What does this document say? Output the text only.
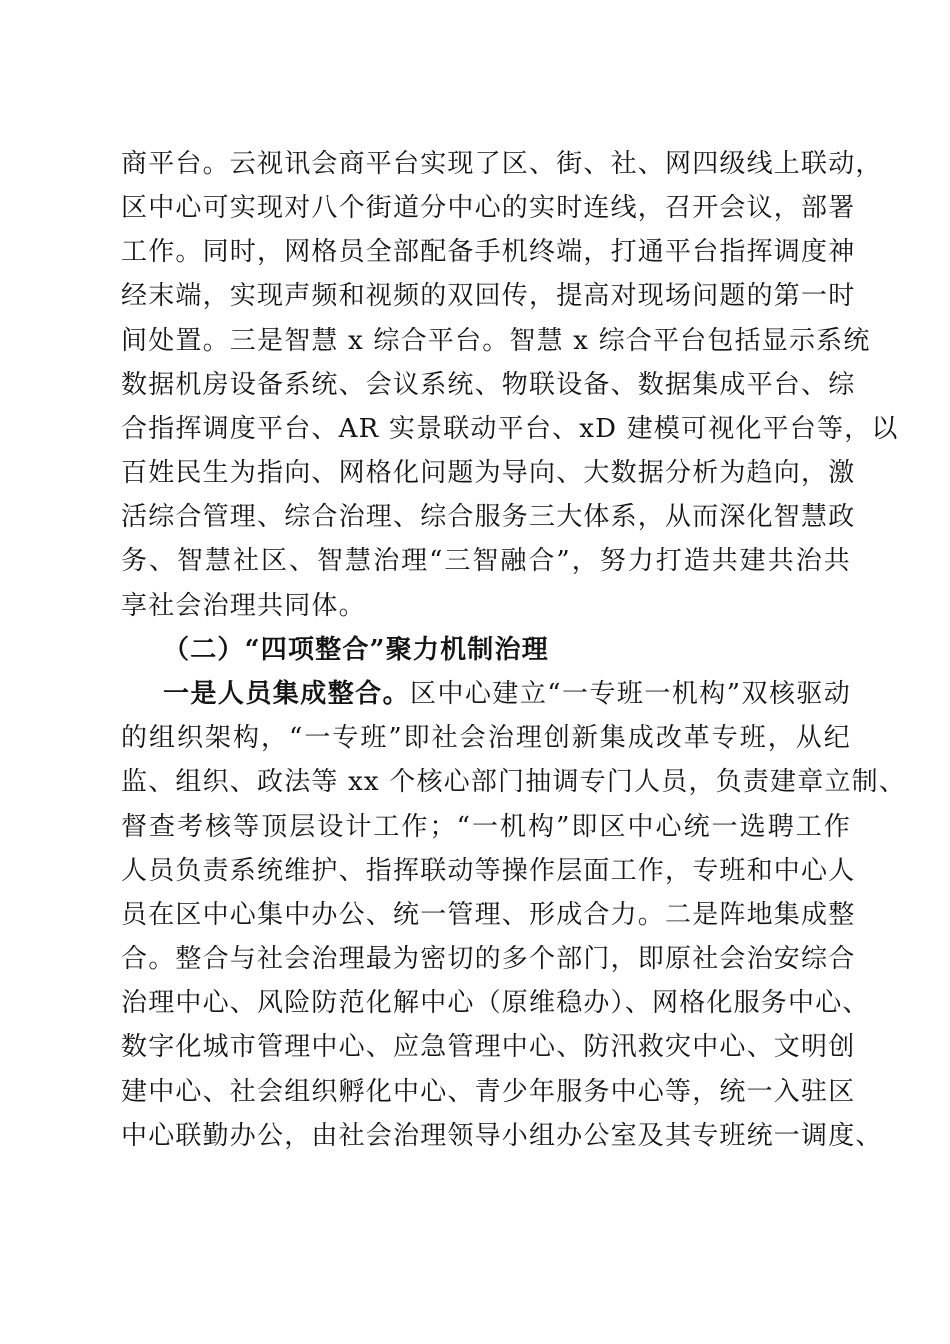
商平台。云视讯会商平台实现了区、街、社、网四级线上联动，
区中心可实现对八个街道分中心的实时连线，召开会议，部署
工作。同时，网格员全部配备手机终端，打通平台指挥调度神
经末端，实现声频和视频的双回传，提高对现场问题的第一时
间处置。三是智慧 x 综合平台。智慧 x 综合平台包括显示系统
数据机房设备系统、会议系统、物联设备、数据集成平台、综
合指挥调度平台、AR 实景联动平台、xD 建模可视化平台等，以
百姓民生为指向、网格化问题为导向、大数据分析为趋向，激
活综合管理、综合治理、综合服务三大体系，从而深化智慧政
务、智慧社区、智慧治理“三智融合”，努力打造共建共治共
享社会治理共同体。
（二）“四项整合”聚力机制治理
一是人员集成整合。区中心建立“一专班一机构”双核驱动
的组织架构，“一专班”即社会治理创新集成改革专班，从纪
监、组织、政法等 xx 个核心部门抽调专门人员，负责建章立制、
督查考核等顶层设计工作；“一机构”即区中心统一选聘工作
人员负责系统维护、指挥联动等操作层面工作，专班和中心人
员在区中心集中办公、统一管理、形成合力。二是阵地集成整
合。整合与社会治理最为密切的多个部门，即原社会治安综合
治理中心、风险防范化解中心（原维稳办）、网格化服务中心、
数字化城市管理中心、应急管理中心、防汛救灾中心、文明创
建中心、社会组织孵化中心、青少年服务中心等，统一入驻区
中心联勤办公，由社会治理领导小组办公室及其专班统一调度、
